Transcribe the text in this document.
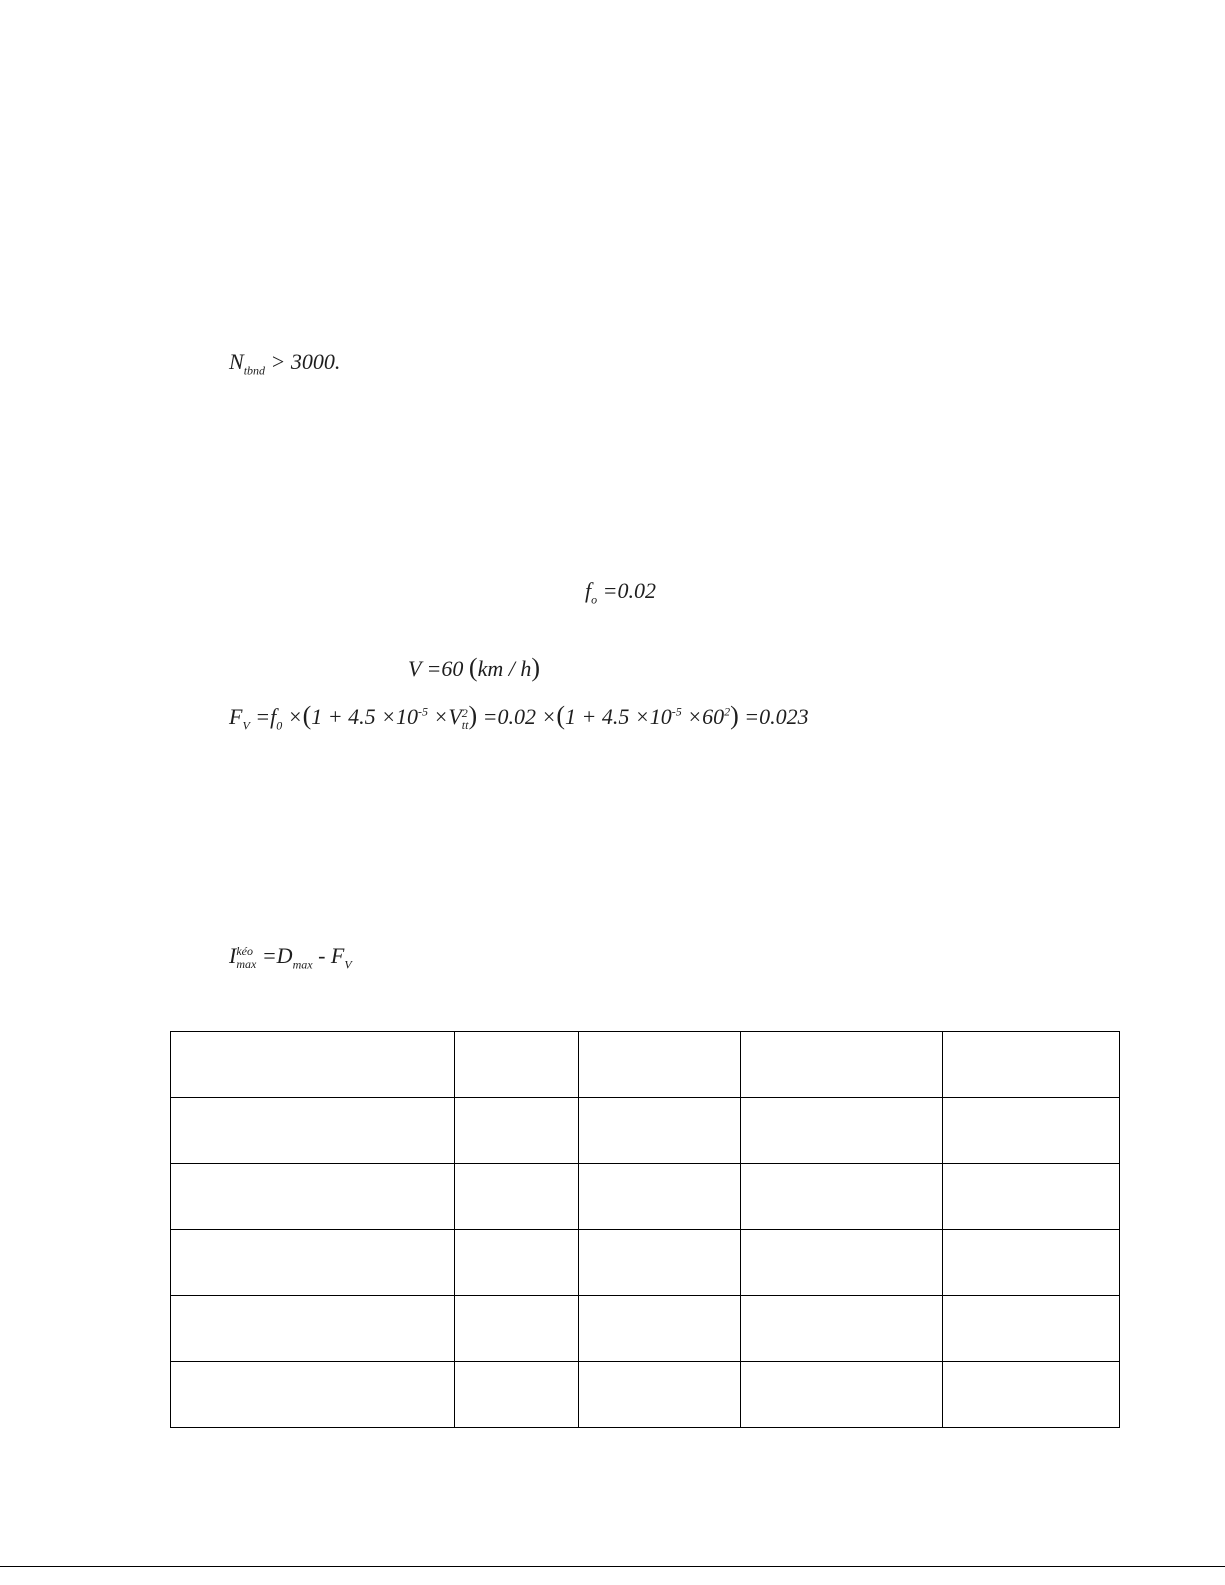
$N_{tbnd} > 3000$.
$f_o =0.02$
V =60 (km / h)
$F_V =f_0 \times(1 + 4.5 \times 10^{-5} \times V$ 2
tt ) $=0.02 \times(1 + 4.5 \times 10^{-5} \times 60^2) =0.023$
I kéo
$\max =D_{max} - F_V$
